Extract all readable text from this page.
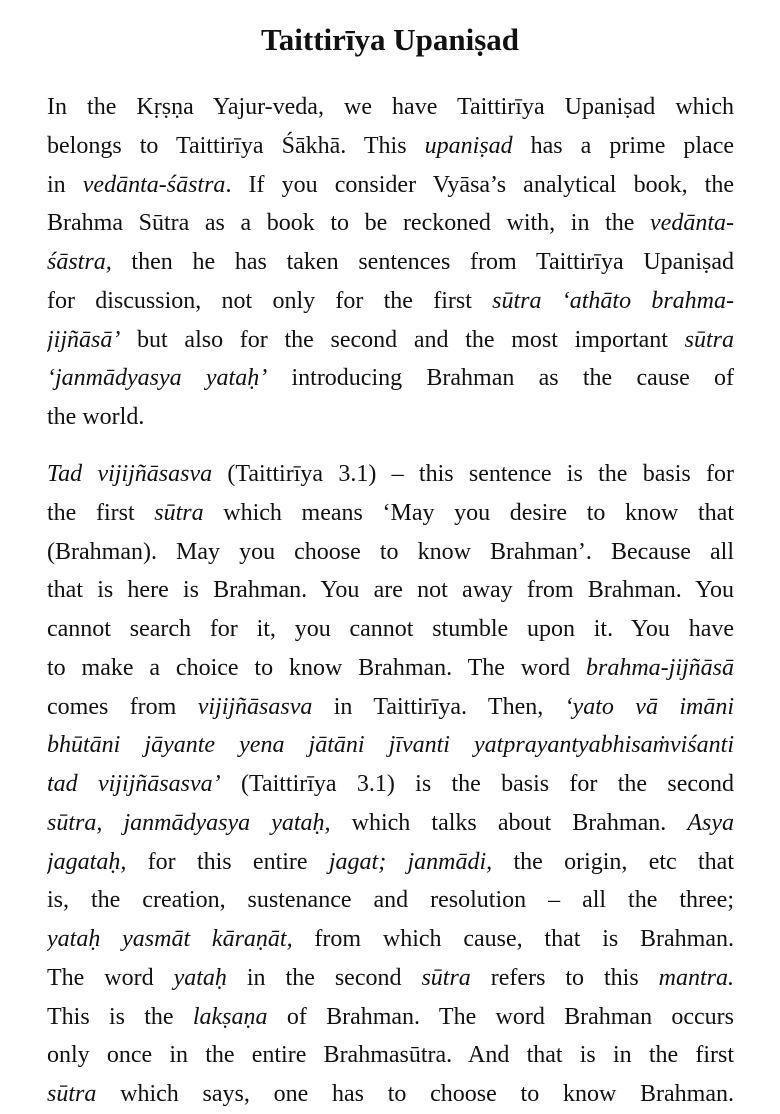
Taittirīya Upaniṣad
In the Kṛṣṇa Yajur-veda, we have Taittirīya Upaniṣad which
belongs to Taittirīya Śākhā. This upaniṣad has a prime place
in vedānta-śāstra. If you consider Vyāsa’s analytical book, the
Brahma Sūtra as a book to be reckoned with, in the vedānta-
śāstra, then he has taken sentences from Taittirīya Upaniṣad
for discussion, not only for the first sūtra ‘athāto brahma-
jijñāsā’ but also for the second and the most important sūtra
‘janmādyasya yataḥ’ introducing Brahman as the cause of
the world.
Tad vijijñāsasva (Taittirīya 3.1) – this sentence is the basis for
the first sūtra which means ‘May you desire to know that
(Brahman). May you choose to know Brahman’. Because all
that is here is Brahman. You are not away from Brahman. You
cannot search for it, you cannot stumble upon it. You have
to make a choice to know Brahman. The word brahma-jijñāsā
comes from vijijñāsasva in Taittirīya. Then, ‘yato vā imāni
bhūtāni jāyante yena jātāni jīvanti yatprayantyabhisaṁviśanti
tad vijijñāsasva’ (Taittirīya 3.1) is the basis for the second
sūtra, janmādyasya yataḥ, which talks about Brahman. Asya
jagataḥ, for this entire jagat; janmādi, the origin, etc that
is, the creation, sustenance and resolution – all the three;
yataḥ yasmāt kāraṇāt, from which cause, that is Brahman.
The word yataḥ in the second sūtra refers to this mantra.
This is the lakṣaṇa of Brahman. The word Brahman occurs
only once in the entire Brahmasūtra. And that is in the first
sūtra which says, one has to choose to know Brahman.
